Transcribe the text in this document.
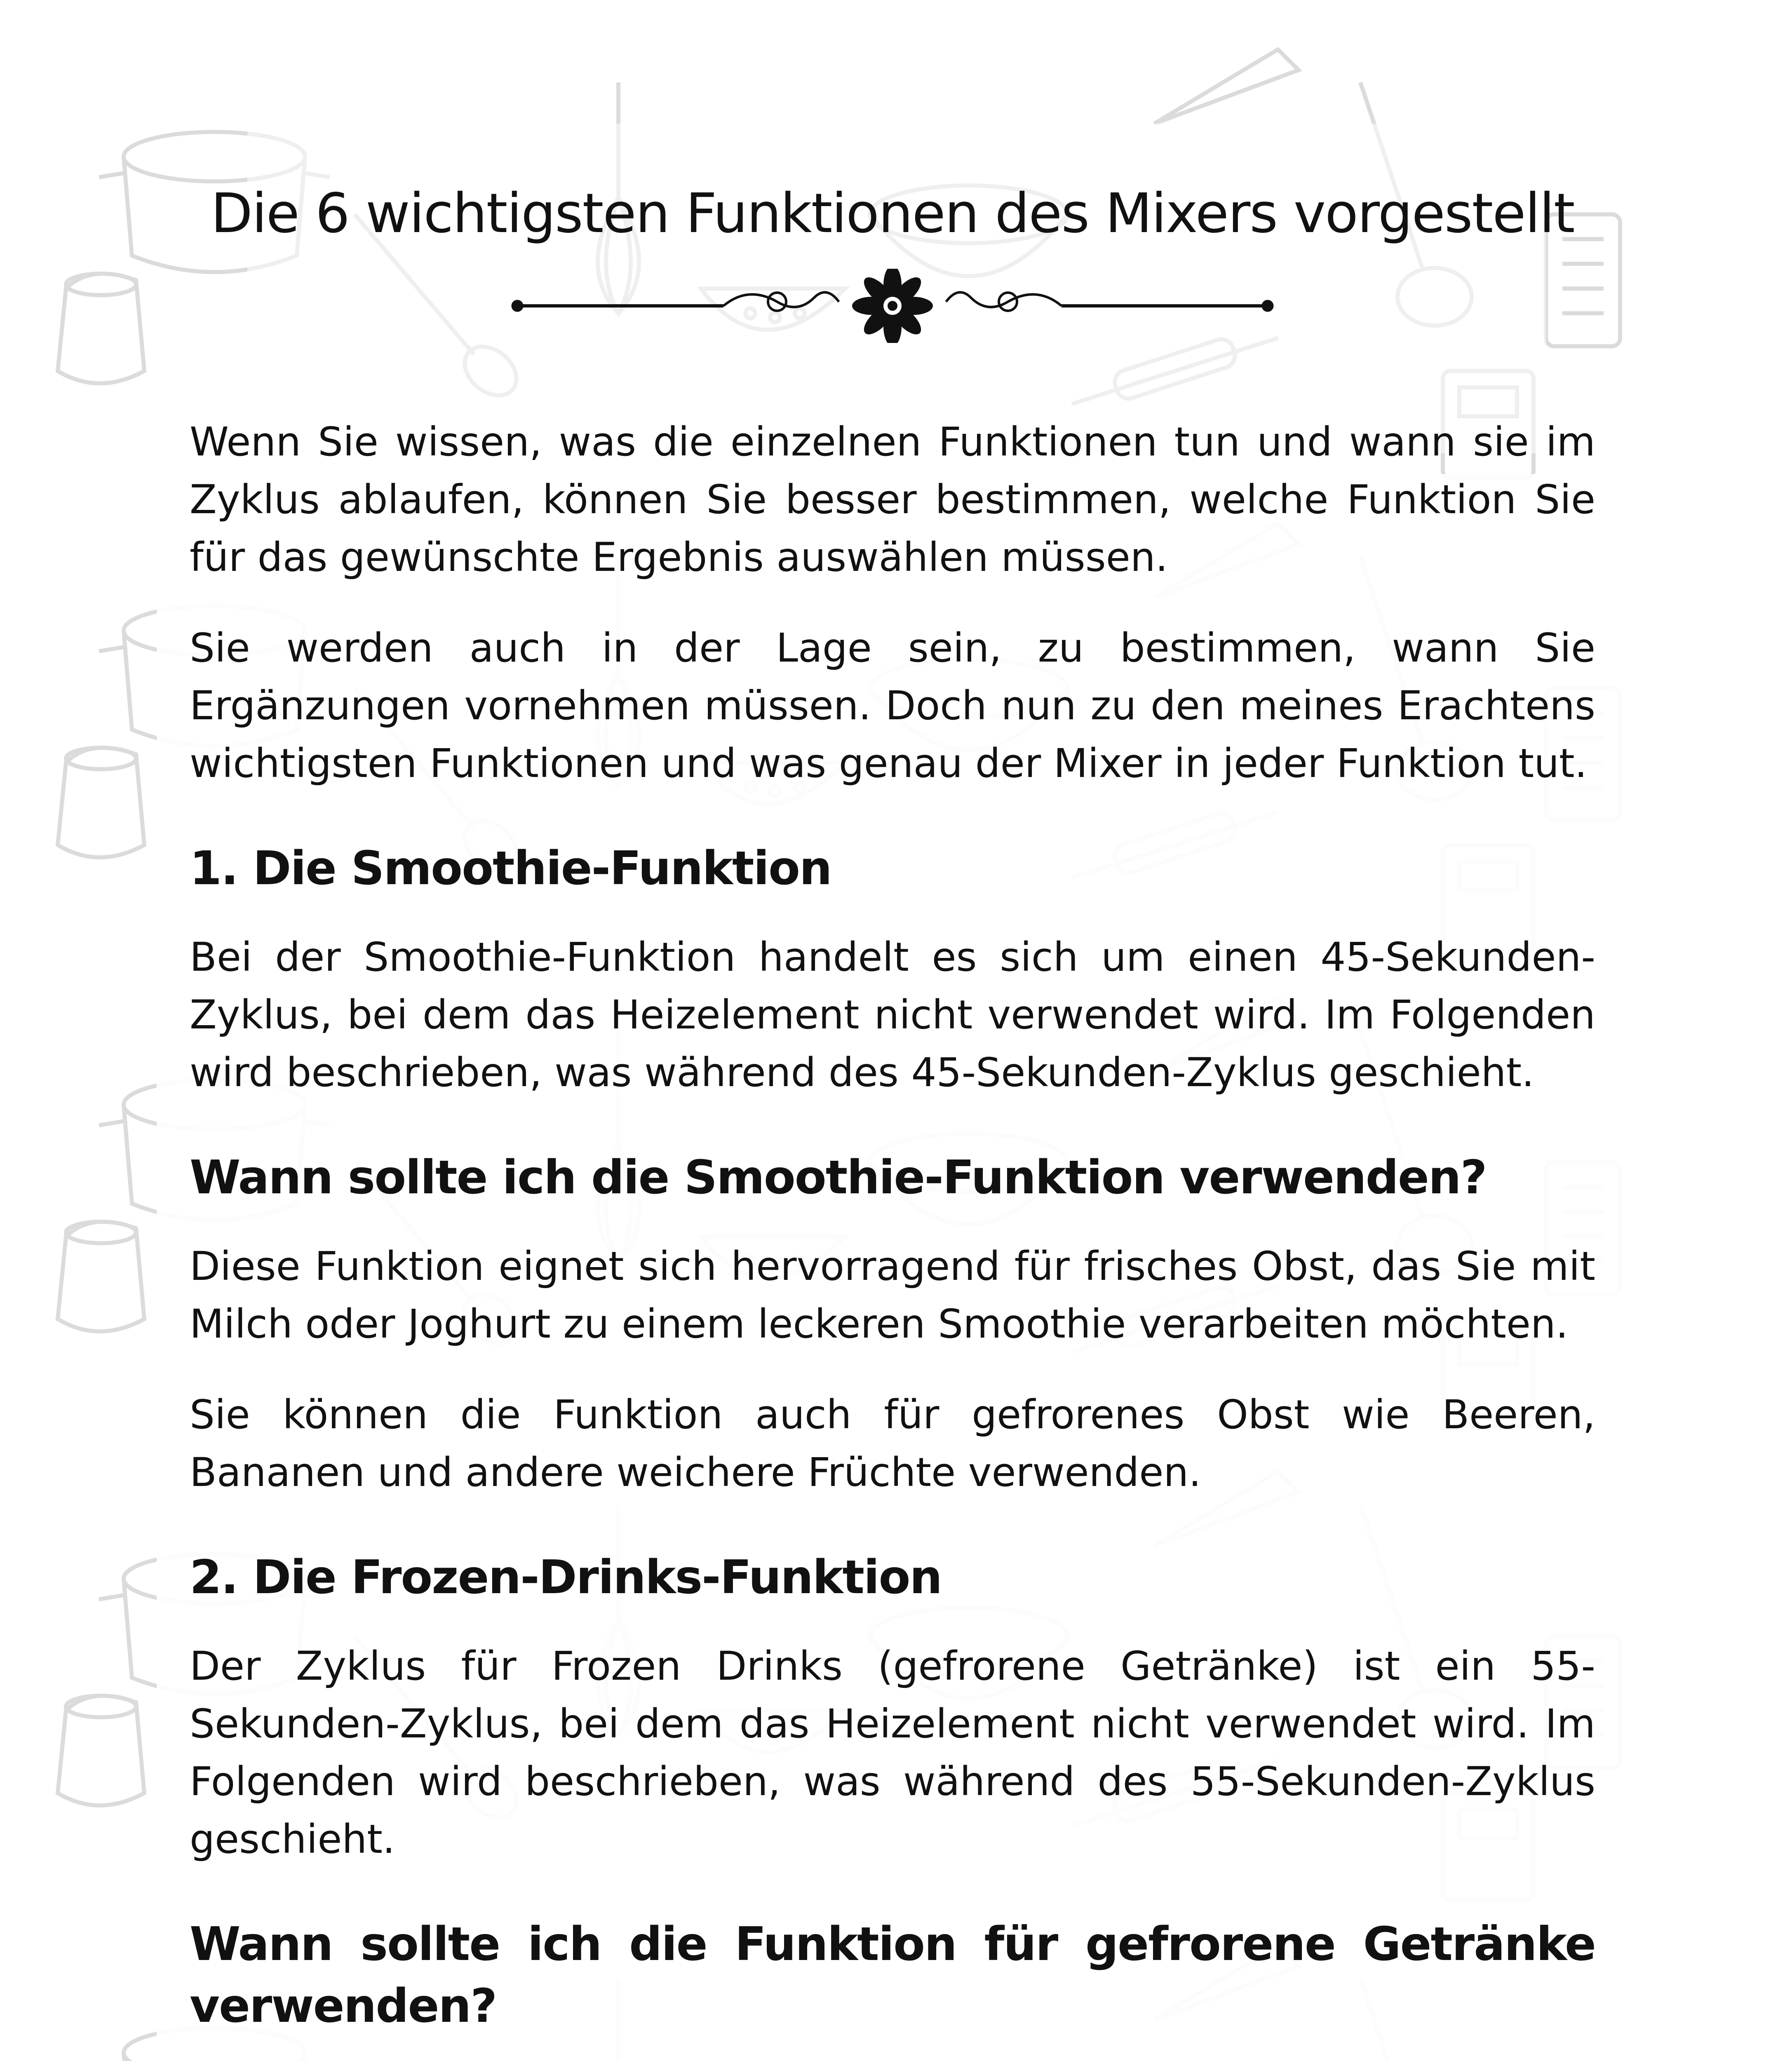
Die 6 wichtigsten Funktionen des Mixers vorgestellt

Wenn Sie wissen, was die einzelnen Funktionen tun und wann sie im Zyklus ablaufen, können Sie besser bestimmen, welche Funktion Sie für das gewünschte Ergebnis auswählen müssen.

Sie werden auch in der Lage sein, zu bestimmen, wann Sie Ergänzungen vornehmen müssen. Doch nun zu den meines Erachtens wichtigsten Funktionen und was genau der Mixer in jeder Funktion tut.

1. Die Smoothie-Funktion

Bei der Smoothie-Funktion handelt es sich um einen 45-Sekunden-Zyklus, bei dem das Heizelement nicht verwendet wird. Im Folgenden wird beschrieben, was während des 45-Sekunden-Zyklus geschieht.

Wann sollte ich die Smoothie-Funktion verwenden?

Diese Funktion eignet sich hervorragend für frisches Obst, das Sie mit Milch oder Joghurt zu einem leckeren Smoothie verarbeiten möchten.

Sie können die Funktion auch für gefrorenes Obst wie Beeren, Bananen und andere weichere Früchte verwenden.

2. Die Frozen-Drinks-Funktion

Der Zyklus für Frozen Drinks (gefrorene Getränke) ist ein 55-Sekunden-Zyklus, bei dem das Heizelement nicht verwendet wird. Im Folgenden wird beschrieben, was während des 55-Sekunden-Zyklus geschieht.

Wann sollte ich die Funktion für gefrorene Getränke verwenden?
